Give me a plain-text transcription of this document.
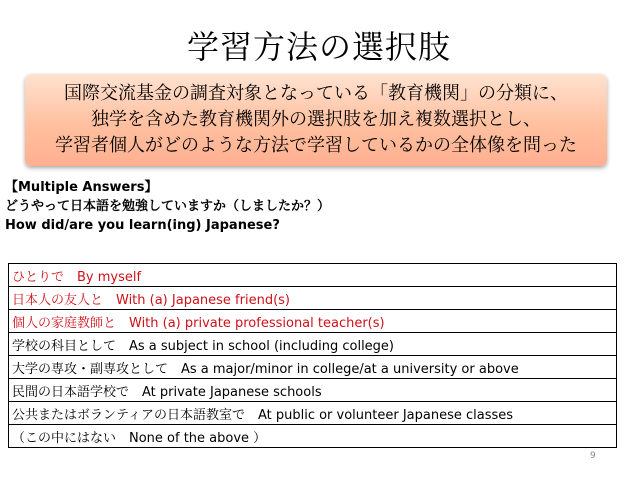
学習方法の選択肢
国際交流基金の調査対象となっている「教育機関」の分類に、
独学を含めた教育機関外の選択肢を加え複数選択とし、
学習者個人がどのような方法で学習しているかの全体像を問った
【Multiple Answers】
どうやって日本語を勉強していますか（しましたか？）
How did/are you learn(ing) Japanese?
ひとりで　By myself
日本人の友人と　With (a) Japanese friend(s)
個人の家庭教師と　With (a) private professional teacher(s)
学校の科目として　As a subject in school (including college)
大学の専攻・副専攻として　As a major/minor in college/at a university or above
民間の日本語学校で　At private Japanese schools
公共またはボランティアの日本語教室で　At public or volunteer Japanese classes
（この中にはない　None of the above ）
9
